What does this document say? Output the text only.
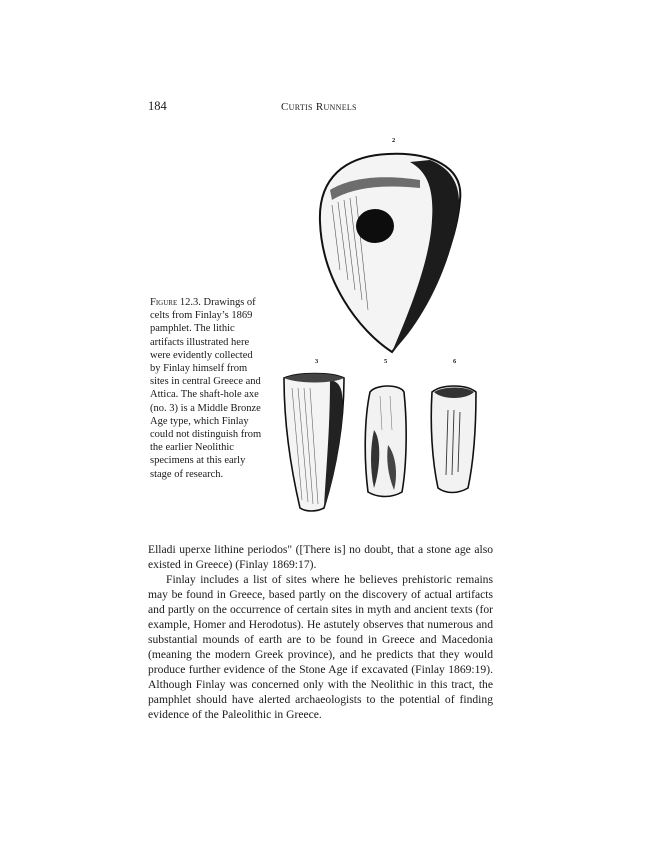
184	Curtis Runnels
2
3	5	6
Figure 12.3. Drawings of celts from Finlay’s 1869 pamphlet. The lithic artifacts illustrated here were evidently collected by Finlay himself from sites in central Greece and Attica. The shaft-hole axe (no. 3) is a Middle Bronze Age type, which Finlay could not distinguish from the earlier Neolithic specimens at this early stage of research.

Elladi uperxe lithine periodos" ([There is] no doubt, that a stone age also existed in Greece) (Finlay 1869:17).

Finlay includes a list of sites where he believes prehistoric remains may be found in Greece, based partly on the discovery of actual artifacts and partly on the occurrence of certain sites in myth and ancient texts (for example, Homer and Herodotus). He astutely observes that numerous and substantial mounds of earth are to be found in Greece and Macedonia (meaning the modern Greek province), and he predicts that they would produce further evidence of the Stone Age if excavated (Finlay 1869:19). Although Finlay was concerned only with the Neolithic in this tract, the pamphlet should have alerted archaeologists to the potential of finding evidence of the Paleolithic in Greece.
